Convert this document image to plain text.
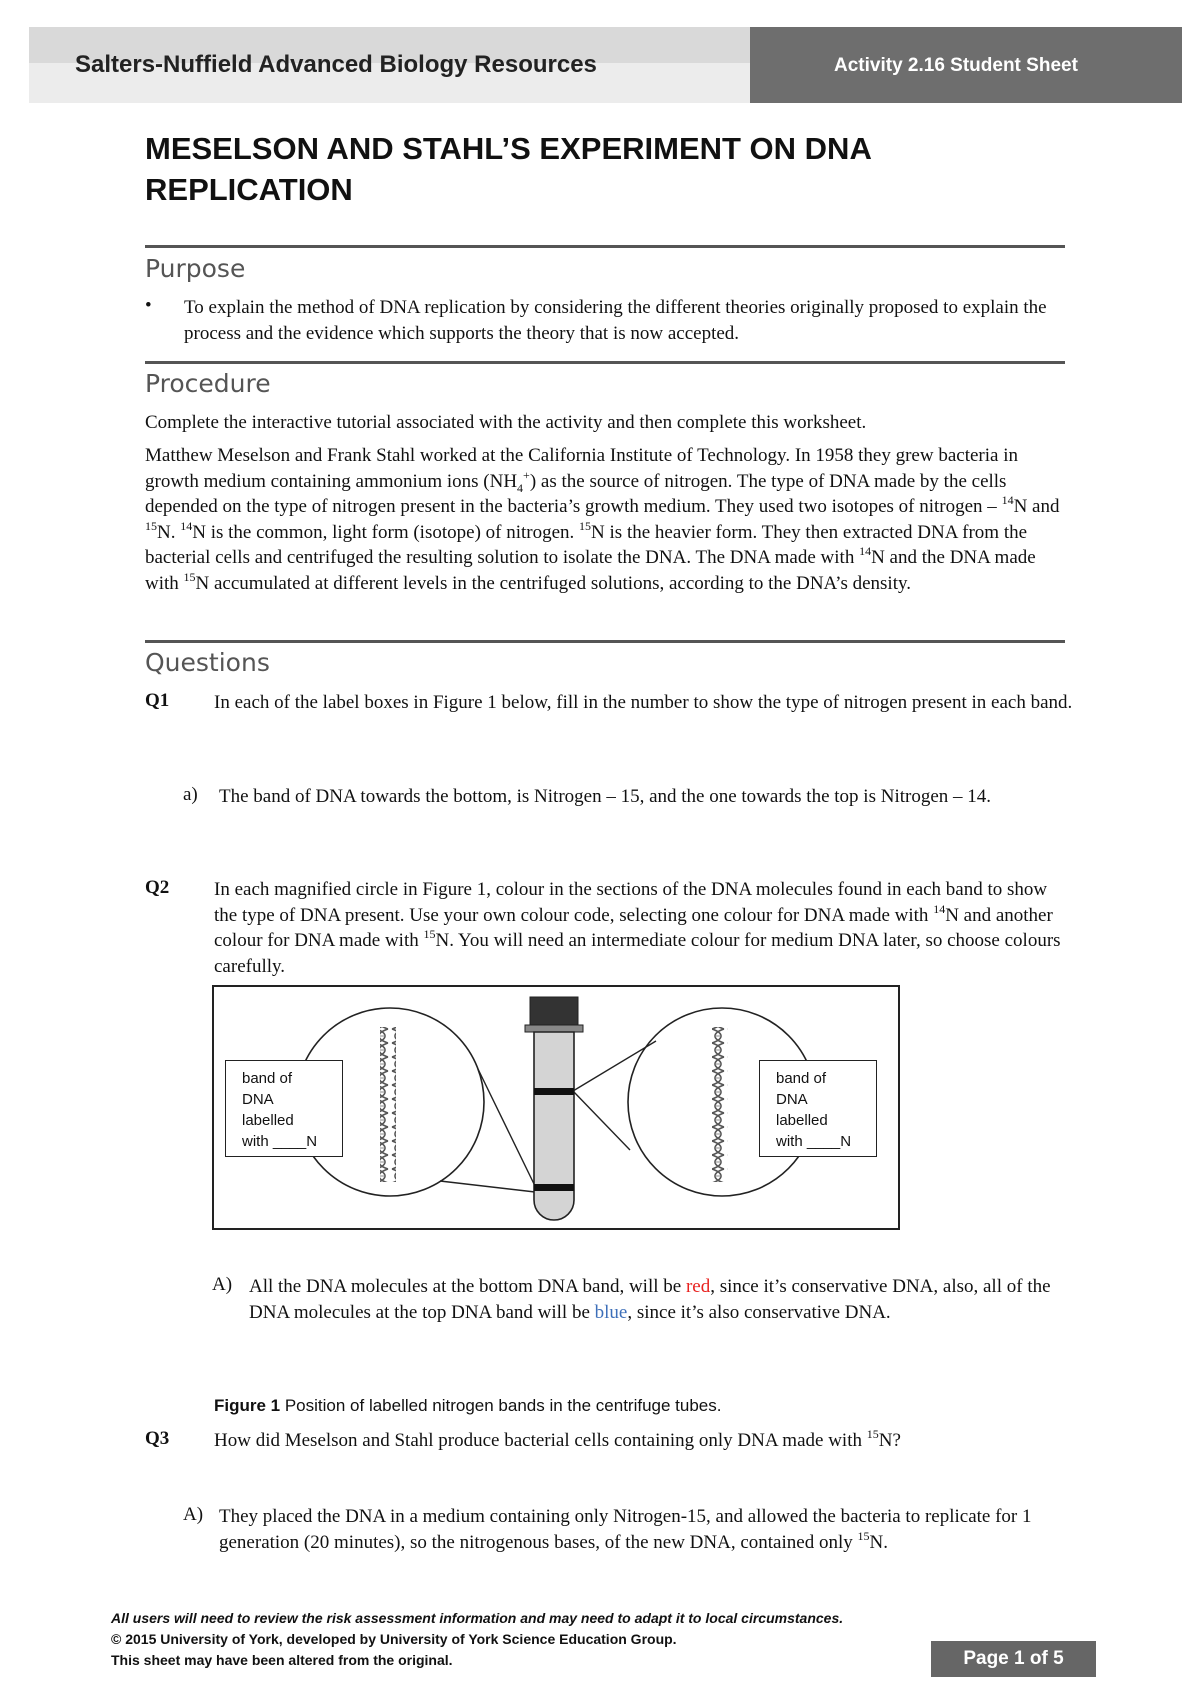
Salters-Nuffield Advanced Biology Resources	Activity 2.16 Student Sheet
MESELSON AND STAHL’S EXPERIMENT ON DNA REPLICATION
Purpose
• To explain the method of DNA replication by considering the different theories originally proposed to explain the process and the evidence which supports the theory that is now accepted.

Procedure

Complete the interactive tutorial associated with the activity and then complete this worksheet.

Matthew Meselson and Frank Stahl worked at the California Institute of Technology. In 1958 they grew bacteria in growth medium containing ammonium ions $(NH_4^+)$ as the source of nitrogen. The type of DNA made by the cells depended on the type of nitrogen present in the bacteria’s growth medium. They used two isotopes of nitrogen – $^{14}$N and $^{15}$N. $^{14}$N is the common, light form (isotope) of nitrogen. $^{15}$N is the heavier form. They then extracted DNA from the bacterial cells and centrifuged the resulting solution to isolate the DNA. The DNA made with $^{14}$N and the DNA made with $^{15}$N accumulated at different levels in the centrifuged solutions, according to the DNA’s density.

Questions
Q1 In each of the label boxes in Figure 1 below, fill in the number to show the type of nitrogen present in each band.

a) The band of DNA towards the bottom, is Nitrogen – 15, and the one towards the top is Nitrogen – 14.

Q2 In each magnified circle in Figure 1, colour in the sections of the DNA molecules found in each band to show the type of DNA present. Use your own colour code, selecting one colour for DNA made with $^{14}$N and another colour for DNA made with $^{15}$N. You will need an intermediate colour for medium DNA later, so choose colours carefully.

band of
DNA
labelled
with ____N
band of
DNA
labelled
with ____N
A) All the DNA molecules at the bottom DNA band, will be red, since it’s conservative DNA, also, all of the DNA molecules at the top DNA band will be blue, since it’s also conservative DNA.

Figure 1 Position of labelled nitrogen bands in the centrifuge tubes.
Q3 How did Meselson and Stahl produce bacterial cells containing only DNA made with $^{15}$N?

A) They placed the DNA in a medium containing only Nitrogen-15, and allowed the bacteria to replicate for 1 generation (20 minutes), so the nitrogenous bases, of the new DNA, contained only $^{15}$N.

All users will need to review the risk assessment information and may need to adapt it to local circumstances.
© 2015 University of York, developed by University of York Science Education Group.
This sheet may have been altered from the original.	Page 1 of 5
